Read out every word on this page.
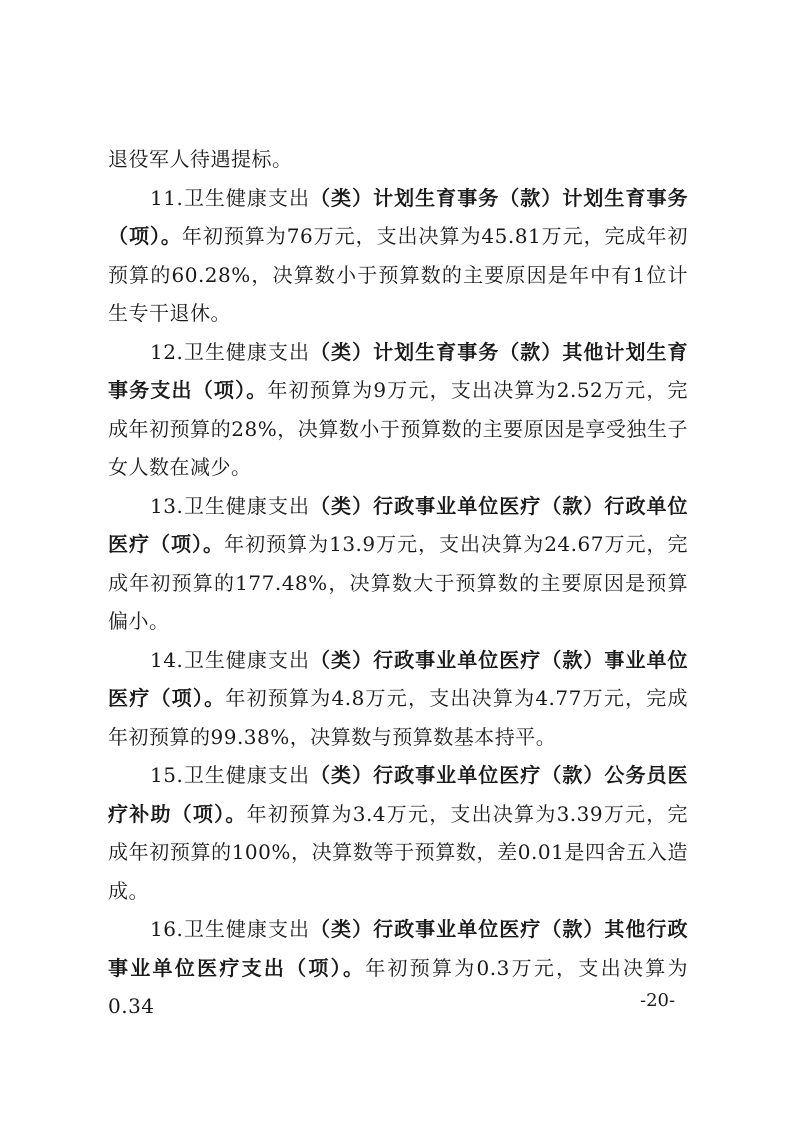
退役军人待遇提标。

11.卫生健康支出（类）计划生育事务（款）计划生育事务（项）。年初预算为76万元，支出决算为45.81万元，完成年初预算的60.28%，决算数小于预算数的主要原因是年中有1位计生专干退休。

12.卫生健康支出（类）计划生育事务（款）其他计划生育事务支出（项）。年初预算为9万元，支出决算为2.52万元，完成年初预算的28%，决算数小于预算数的主要原因是享受独生子女人数在减少。

13.卫生健康支出（类）行政事业单位医疗（款）行政单位医疗（项）。年初预算为13.9万元，支出决算为24.67万元，完成年初预算的177.48%，决算数大于预算数的主要原因是预算偏小。

14.卫生健康支出（类）行政事业单位医疗（款）事业单位医疗（项）。年初预算为4.8万元，支出决算为4.77万元，完成年初预算的99.38%，决算数与预算数基本持平。

15.卫生健康支出（类）行政事业单位医疗（款）公务员医疗补助（项）。年初预算为3.4万元，支出决算为3.39万元，完成年初预算的100%，决算数等于预算数，差0.01是四舍五入造成。

16.卫生健康支出（类）行政事业单位医疗（款）其他行政事业单位医疗支出（项）。年初预算为0.3万元，支出决算为0.34	-20-
